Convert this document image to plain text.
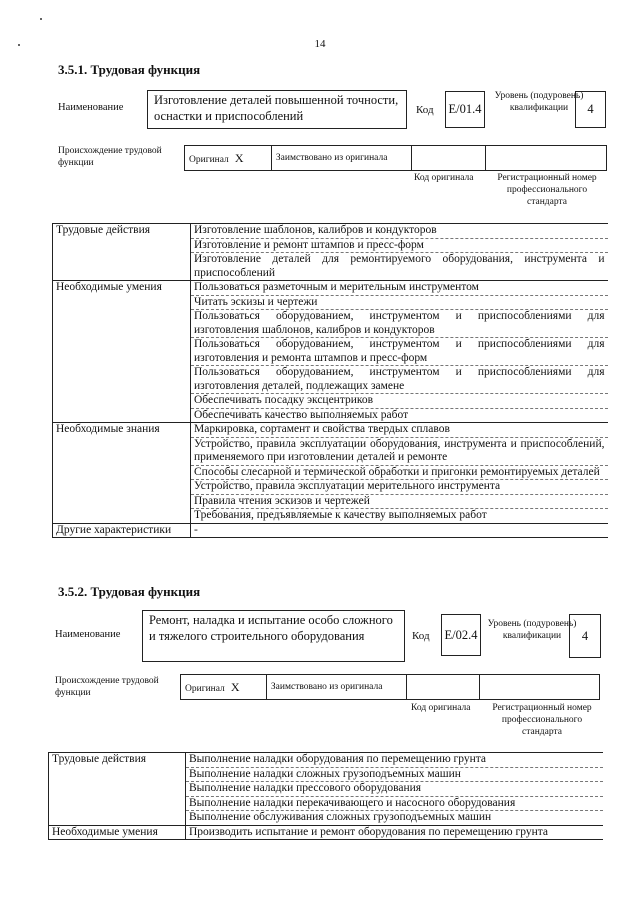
14
3.5.1. Трудовая функция
Наименование
Изготовление деталей повышенной точности, оснастки и приспособлений	Код E/01.4
Уровень (подуровень) квалификации	4
Происхождение трудовой функции	Оригинал X	Заимствовано из оригинала		
Код оригинала	Регистрационный номер профессионального стандарта
Трудовые действия	Изготовление шаблонов, калибров и кондукторов
	Изготовление и ремонт штампов и пресс-форм
	Изготовление деталей для ремонтируемого оборудования, инструмента и приспособлений
Необходимые умения	Пользоваться разметочным и мерительным инструментом
	Читать эскизы и чертежи
	Пользоваться оборудованием, инструментом и приспособлениями для изготовления шаблонов, калибров и кондукторов
	Пользоваться оборудованием, инструментом и приспособлениями для изготовления и ремонта штампов и пресс-форм
	Пользоваться оборудованием, инструментом и приспособлениями для изготовления деталей, подлежащих замене
	Обеспечивать посадку эксцентриков
	Обеспечивать качество выполняемых работ
Необходимые знания	Маркировка, сортамент и свойства твердых сплавов
	Устройство, правила эксплуатации оборудования, инструмента и приспособлений, применяемого при изготовлении деталей и ремонте
	Способы слесарной и термической обработки и пригонки ремонтируемых деталей
	Устройство, правила эксплуатации мерительного инструмента
	Правила чтения эскизов и чертежей
	Требования, предъявляемые к качеству выполняемых работ
Другие характеристики	-
3.5.2. Трудовая функция
Наименование
Ремонт, наладка и испытание особо сложного и тяжелого строительного оборудования	Код E/02.4
Уровень (подуровень) квалификации	4
Происхождение трудовой функции	Оригинал X	Заимствовано из оригинала		
Код оригинала	Регистрационный номер профессионального стандарта
Трудовые действия	Выполнение наладки оборудования по перемещению грунта
	Выполнение наладки сложных грузоподъемных машин
	Выполнение наладки прессового оборудования
	Выполнение наладки перекачивающего и насосного оборудования
	Выполнение обслуживания сложных грузоподъемных машин
Необходимые умения	Производить испытание и ремонт оборудования по перемещению грунта
